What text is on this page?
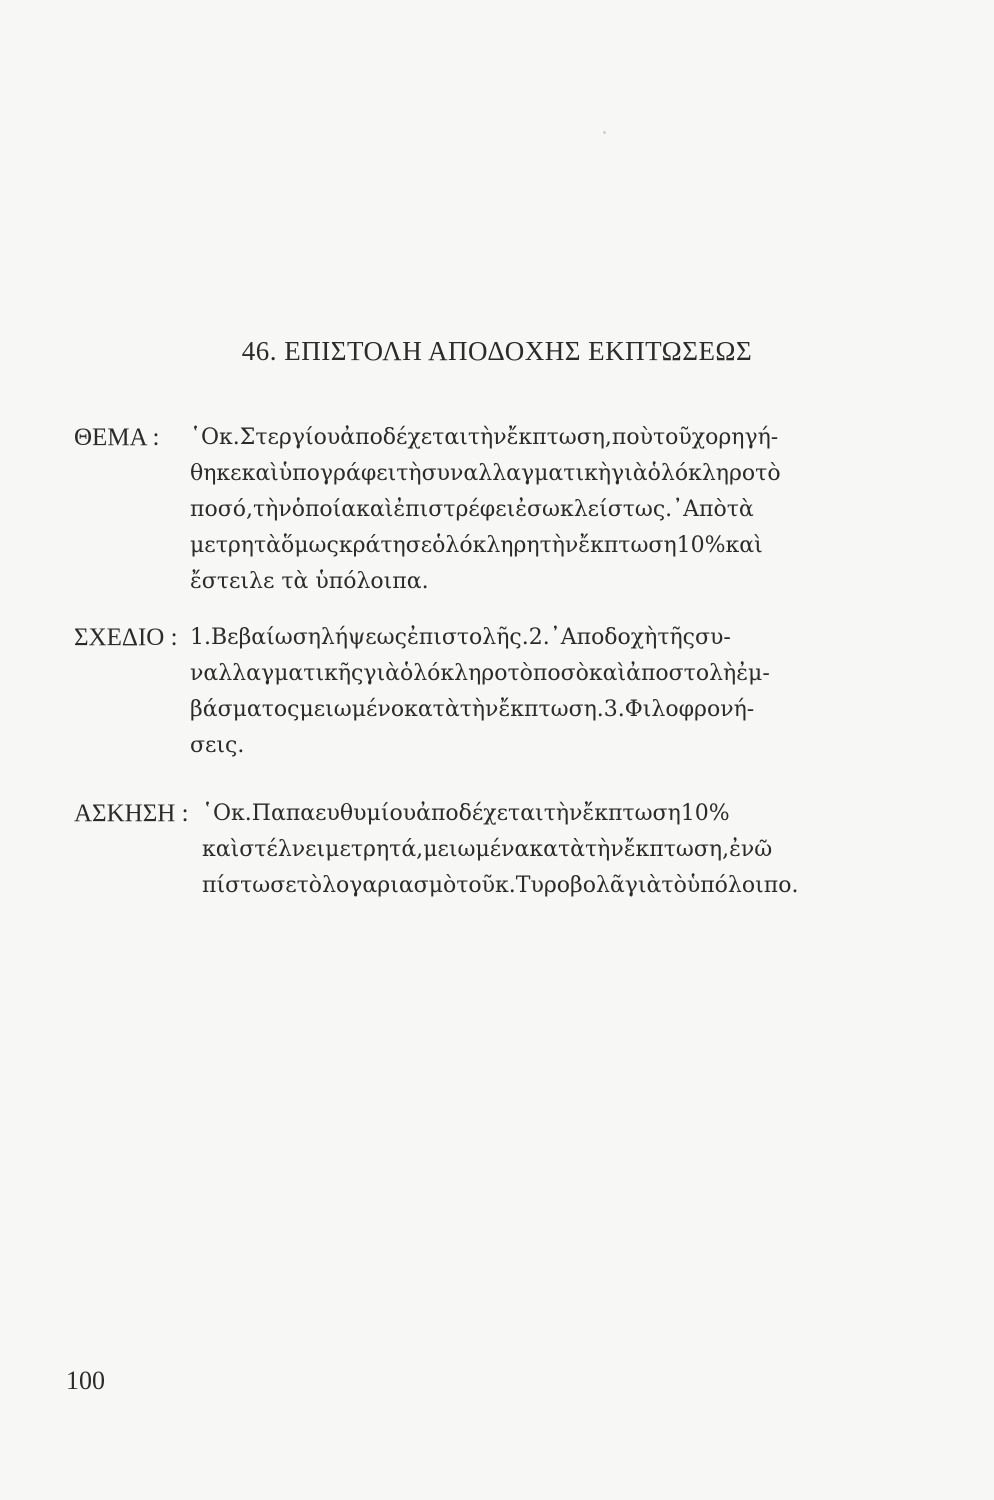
46. ΕΠΙΣΤΟΛΗ ΑΠΟΔΟΧΗΣ ΕΚΠΤΩΣΕΩΣ
ΘΕΜΑ : ῾Οκ.Στεργίουἀποδέχεταιτὴνἔκπτωση,ποὺτοῦχορηγή-
θηκεκαὶὑπογράφειτὴσυναλλαγματικὴγιὰὁλόκληροτὸ
ποσό,τὴνὁποίακαὶἐπιστρέφειἐσωκλείστως.᾿Απὸτὰ
μετρητὰὅμωςκράτησεὁλόκληρητὴνἔκπτωση10%καὶ
ἔστειλε τὰ ὑπόλοιπα.
ΣΧΕΔΙΟ : 1.Βεβαίωσηλήψεωςἐπιστολῆς.2.᾿Αποδοχὴτῆςσυ-
ναλλαγματικῆςγιὰὁλόκληροτὸποσὸκαὶἀποστολὴἐμ-
βάσματοςμειωμένοκατὰτὴνἔκπτωση.3.Φιλοφρονή-
σεις.
ΑΣΚΗΣΗ : ῾Οκ.Παπαευθυμίουἀποδέχεταιτὴνἔκπτωση10%
καὶστέλνειμετρητά,μειωμένακατὰτὴνἔκπτωση,ἐνῶ
πίστωσετὸλογαριασμὸτοῦκ.Τυροβολᾶγιὰτὸὑπόλοιπο.
100
